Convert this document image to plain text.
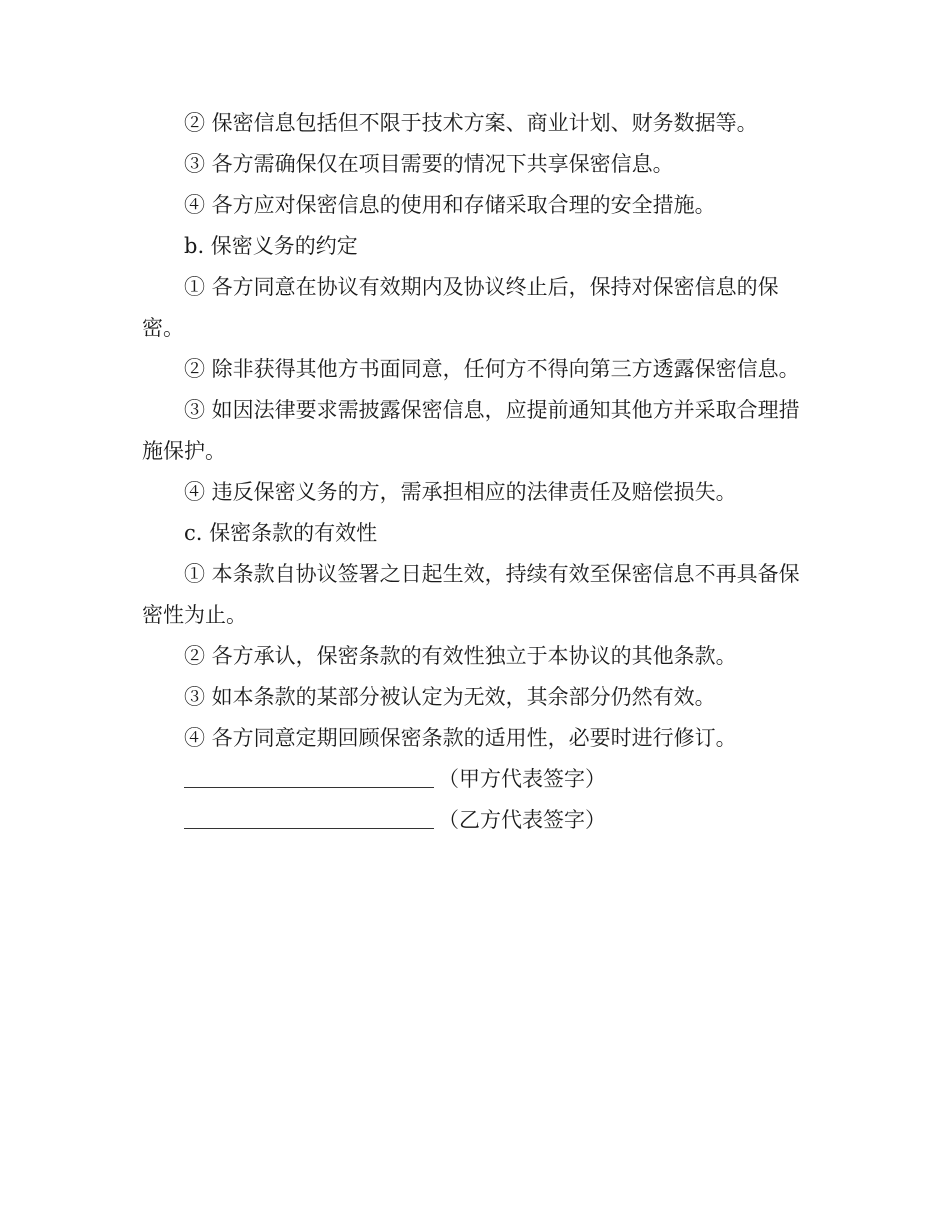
② 保密信息包括但不限于技术方案、商业计划、财务数据等。

③ 各方需确保仅在项目需要的情况下共享保密信息。

④ 各方应对保密信息的使用和存储采取合理的安全措施。

b. 保密义务的约定

① 各方同意在协议有效期内及协议终止后，保持对保密信息的保密。

② 除非获得其他方书面同意，任何方不得向第三方透露保密信息。

③ 如因法律要求需披露保密信息，应提前通知其他方并采取合理措施保护。

④ 违反保密义务的方，需承担相应的法律责任及赔偿损失。

c. 保密条款的有效性

① 本条款自协议签署之日起生效，持续有效至保密信息不再具备保密性为止。

② 各方承认，保密条款的有效性独立于本协议的其他条款。

③ 如本条款的某部分被认定为无效，其余部分仍然有效。

④ 各方同意定期回顾保密条款的适用性，必要时进行修订。

（甲方代表签字）

（乙方代表签字）
